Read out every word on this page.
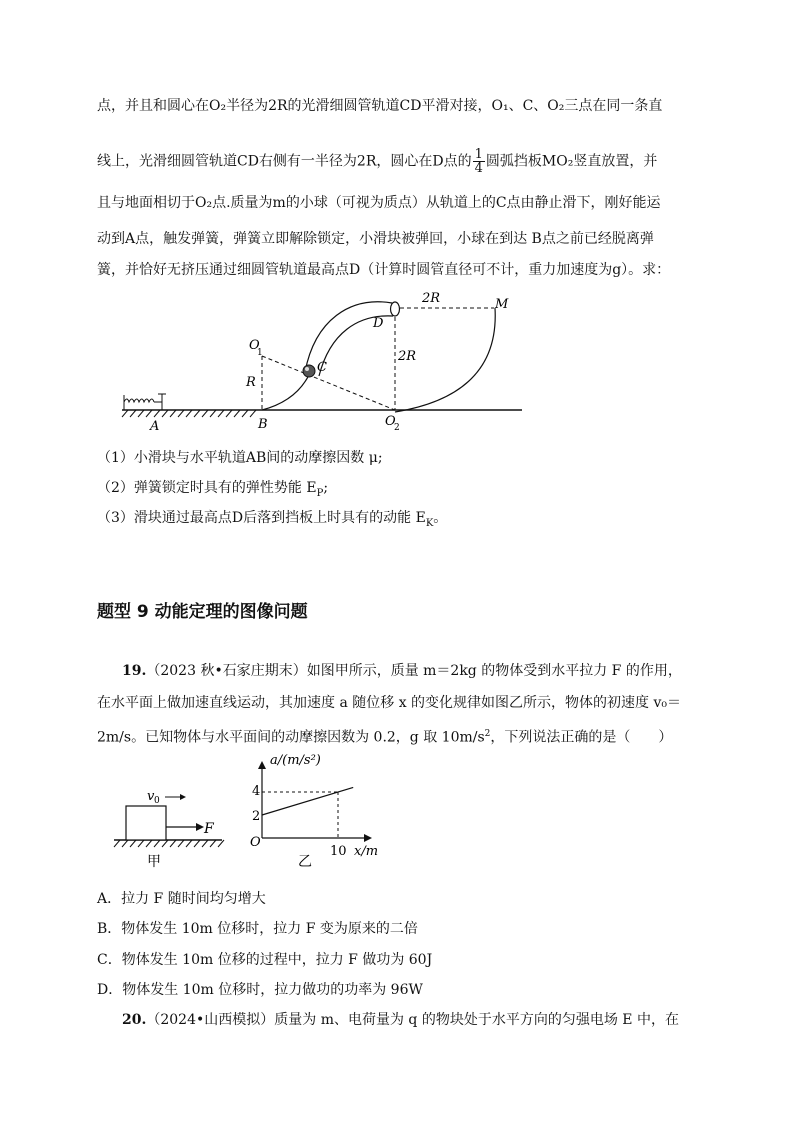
点，并且和圆心在O₂半径为2R的光滑细圆管轨道CD平滑对接，O₁、C、O₂三点在同一条直
线上，光滑细圆管轨道CD右侧有一半径为2R，圆心在D点的 $\frac{1}{4}$ 圆弧挡板MO₂竖直放置，并
且与地面相切于O₂点.质量为m的小球（可视为质点）从轨道上的C点由静止滑下，刚好能运
动到A点，触发弹簧，弹簧立即解除锁定，小滑块被弹回，小球在到达 B点之前已经脱离弹
簧，并恰好无挤压通过细圆管轨道最高点D（计算时圆管直径可不计，重力加速度为g）。求：
A	B
C
D
M
O
1
O
2
R
2R
2R
（1）小滑块与水平轨道AB间的动摩擦因数 μ;
（2）弹簧锁定时具有的弹性势能 $E_P$;
（3）滑块通过最高点D后落到挡板上时具有的动能 $E_K$。
题型 9 动能定理的图像问题
19.（2023 秋•石家庄期末）如图甲所示，质量 m＝2kg 的物体受到水平拉力 F 的作用，
在水平面上做加速直线运动，其加速度 a 随位移 x 的变化规律如图乙所示，物体的初速度 v₀＝
2m/s。已知物体与水平面间的动摩擦因数为 0.2，g 取 $10m/s^2$，下列说法正确的是（　　）
v 0
F
甲
a/(m/s²)
x/m
O
4
2
10
乙
A．拉力 F 随时间均匀增大
B．物体发生 10m 位移时，拉力 F 变为原来的二倍
C．物体发生 10m 位移的过程中，拉力 F 做功为 60J
D．物体发生 10m 位移时，拉力做功的功率为 96W
20.（2024•山西模拟）质量为 m、电荷量为 q 的物块处于水平方向的匀强电场 E 中，在
